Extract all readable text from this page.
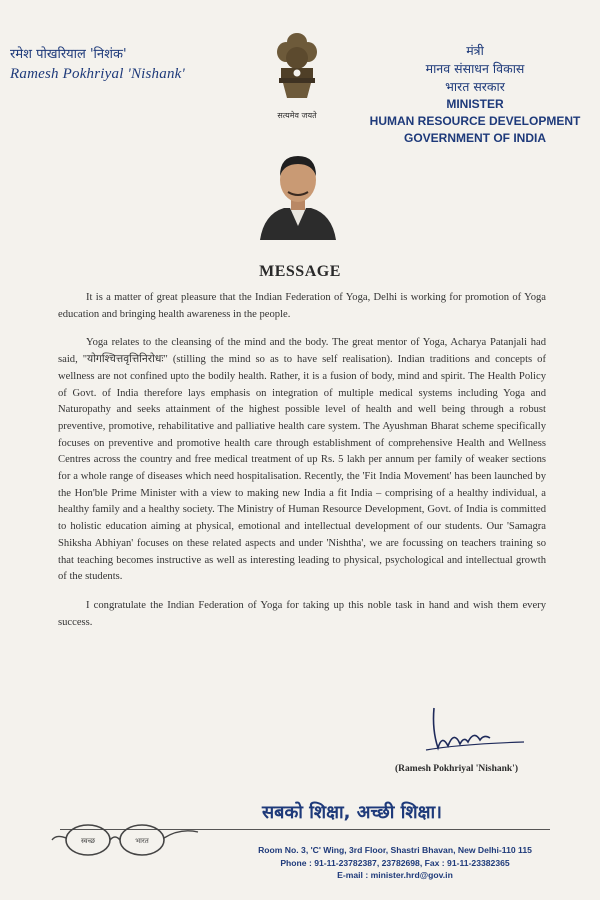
रमेश पोखरियाल 'निशंक'
Ramesh Pokhriyal 'Nishank'
सत्यमेव जयते
मंत्री
मानव संसाधन विकास
भारत सरकार
MINISTER
HUMAN RESOURCE DEVELOPMENT
GOVERNMENT OF INDIA
MESSAGE

It is a matter of great pleasure that the Indian Federation of Yoga, Delhi is working for promotion of Yoga education and bringing health awareness in the people.

Yoga relates to the cleansing of the mind and the body. The great mentor of Yoga, Acharya Patanjali had said, "योगश्चित्तवृत्तिनिरोधः" (stilling the mind so as to have self realisation). Indian traditions and concepts of wellness are not confined upto the bodily health. Rather, it is a fusion of body, mind and spirit. The Health Policy of Govt. of India therefore lays emphasis on integration of multiple medical systems including Yoga and Naturopathy and seeks attainment of the highest possible level of health and well being through a robust preventive, promotive, rehabilitative and palliative health care system. The Ayushman Bharat scheme specifically focuses on preventive and promotive health care through establishment of comprehensive Health and Wellness Centres across the country and free medical treatment of up Rs. 5 lakh per annum per family of weaker sections for a whole range of diseases which need hospitalisation. Recently, the 'Fit India Movement' has been launched by the Hon'ble Prime Minister with a view to making new India a fit India – comprising of a healthy individual, a healthy family and a healthy society. The Ministry of Human Resource Development, Govt. of India is committed to holistic education aiming at physical, emotional and intellectual development of our students. Our 'Samagra Shiksha Abhiyan' focuses on these related aspects and under 'Nishtha', we are focussing on teachers training so that teaching becomes instructive as well as interesting leading to physical, psychological and intellectual growth of the students.

I congratulate the Indian Federation of Yoga for taking up this noble task in hand and wish them every success.

(Ramesh Pokhriyal 'Nishank')
सबको शिक्षा, अच्छी शिक्षा।
स्वच्छ	भारत
Room No. 3, 'C' Wing, 3rd Floor, Shastri Bhavan, New Delhi-110 115
Phone : 91-11-23782387, 23782698, Fax : 91-11-23382365
E-mail : minister.hrd@gov.in
